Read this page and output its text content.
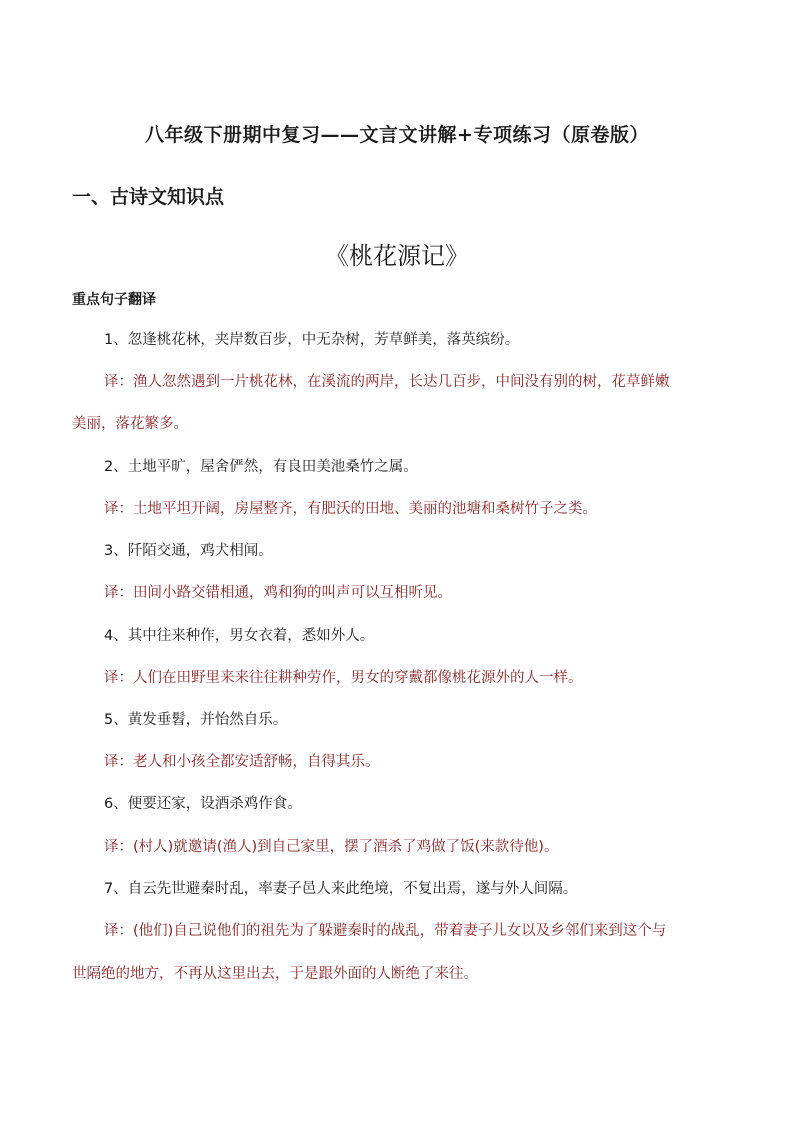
八年级下册期中复习——文言文讲解+专项练习（原卷版）
一、古诗文知识点
《桃花源记》
重点句子翻译
1、忽逢桃花林，夹岸数百步，中无杂树，芳草鲜美，落英缤纷。
译：渔人忽然遇到一片桃花林，在溪流的两岸，长达几百步，中间没有别的树，花草鲜嫩
美丽，落花繁多。
2、土地平旷，屋舍俨然，有良田美池桑竹之属。
译：土地平坦开阔，房屋整齐，有肥沃的田地、美丽的池塘和桑树竹子之类。
3、阡陌交通，鸡犬相闻。
译：田间小路交错相通，鸡和狗的叫声可以互相听见。
4、其中往来种作，男女衣着，悉如外人。
译：人们在田野里来来往往耕种劳作，男女的穿戴都像桃花源外的人一样。
5、黄发垂髫，并怡然自乐。
译：老人和小孩全都安适舒畅，自得其乐。
6、便要还家，设酒杀鸡作食。
译：(村人)就邀请(渔人)到自己家里，摆了酒杀了鸡做了饭(来款待他)。
7、自云先世避秦时乱，率妻子邑人来此绝境，不复出焉，遂与外人间隔。
译：(他们)自己说他们的祖先为了躲避秦时的战乱，带着妻子儿女以及乡邻们来到这个与
世隔绝的地方，不再从这里出去，于是跟外面的人断绝了来往。
